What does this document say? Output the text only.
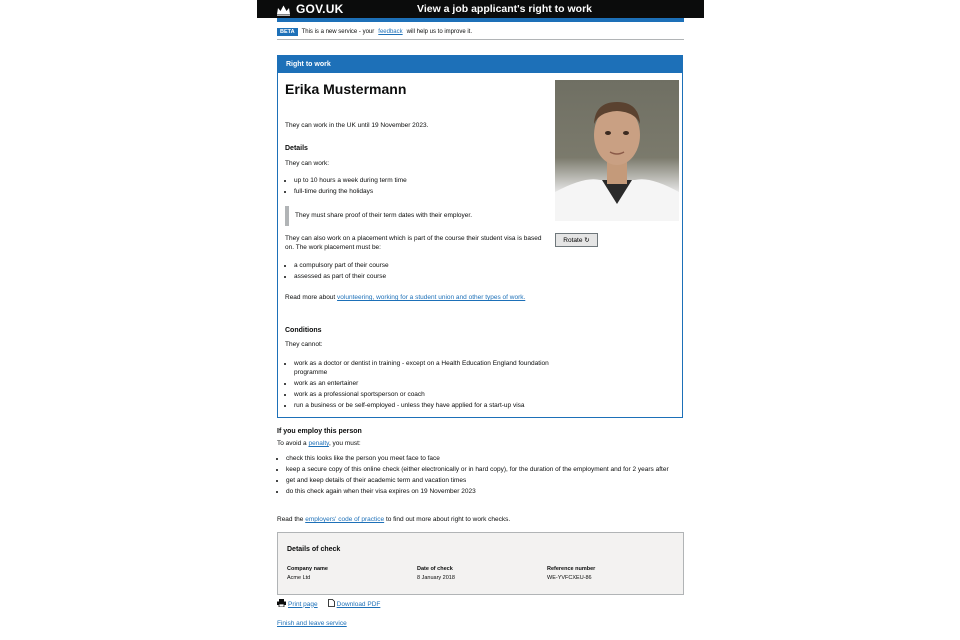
GOV.UK	View a job applicant's right to work
BETA	This is a new service - your feedback will help us to improve it.
Right to work
Erika Mustermann

They can work in the UK until 19 November 2023.

Details

They can work:

• up to 10 hours a week during term time
• full-time during the holidays
They must share proof of their term dates with their employer.

They can also work on a placement which is part of the course their student visa is based on. The work placement must be:

• a compulsory part of their course
• assessed as part of their course

Read more about volunteering, working for a student union and other types of work.

Conditions

They cannot:

• work as a doctor or dentist in training - except on a Health Education England foundation programme
• work as an entertainer
• work as a professional sportsperson or coach
• run a business or be self-employed - unless they have applied for a start-up visa
Rotate ↻
If you employ this person
To avoid a penalty, you must:
• check this looks like the person you meet face to face
• keep a secure copy of this online check (either electronically or in hard copy), for the duration of the employment and for 2 years after
• get and keep details of their academic term and vacation times
• do this check again when their visa expires on 19 November 2023
Read the employers' code of practice to find out more about right to work checks.
Details of check
Company name
Acme Ltd
Date of check
8 January 2018
Reference number
WE-YVFCXEU-86
Print page	Download PDF
Finish and leave service
